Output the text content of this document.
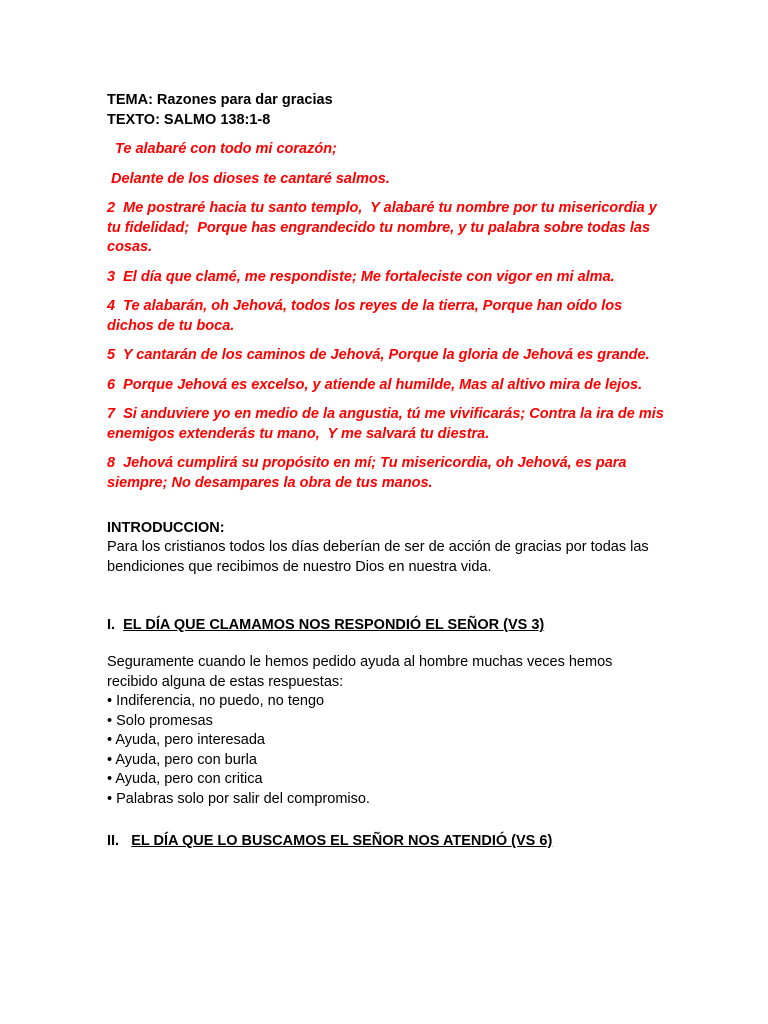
TEMA: Razones para dar gracias
TEXTO: SALMO 138:1-8

Te alabaré con todo mi corazón;

Delante de los dioses te cantaré salmos.

2  Me postraré hacia tu santo templo,  Y alabaré tu nombre por tu misericordia y tu fidelidad;  Porque has engrandecido tu nombre, y tu palabra sobre todas las cosas.

3  El día que clamé, me respondiste; Me fortaleciste con vigor en mi alma.

4  Te alabarán, oh Jehová, todos los reyes de la tierra, Porque han oído los dichos de tu boca.

5  Y cantarán de los caminos de Jehová, Porque la gloria de Jehová es grande.

6  Porque Jehová es excelso, y atiende al humilde, Mas al altivo mira de lejos.

7  Si anduviere yo en medio de la angustia, tú me vivificarás; Contra la ira de mis enemigos extenderás tu mano,  Y me salvará tu diestra.

8  Jehová cumplirá su propósito en mí; Tu misericordia, oh Jehová, es para siempre; No desampares la obra de tus manos.

INTRODUCCION:

Para los cristianos todos los días deberían de ser de acción de gracias por todas las bendiciones que recibimos de nuestro Dios en nuestra vida.

I. EL DÍA QUE CLAMAMOS NOS RESPONDIÓ EL SEÑOR (VS 3)

Seguramente cuando le hemos pedido ayuda al hombre muchas veces hemos recibido alguna de estas respuestas:

• Indiferencia, no puedo, no tengo
• Solo promesas
• Ayuda, pero interesada
• Ayuda, pero con burla
• Ayuda, pero con critica
• Palabras solo por salir del compromiso.

II. EL DÍA QUE LO BUSCAMOS EL SEÑOR NOS ATENDIÓ (VS 6)
